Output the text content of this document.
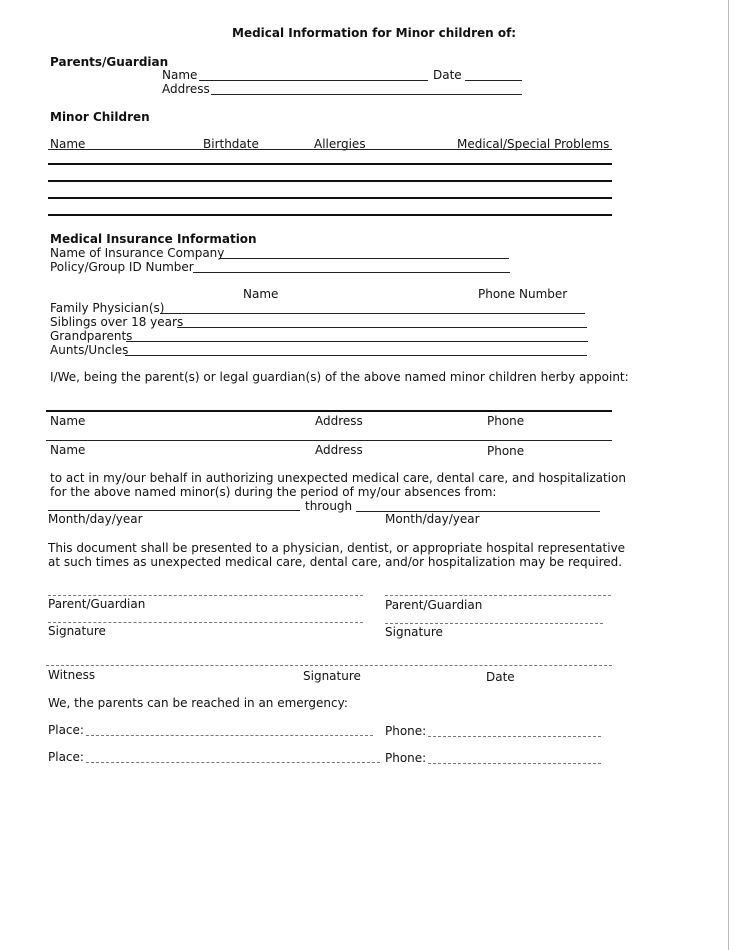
Medical Information for Minor children of:
Parents/Guardian
Name	Date
Address
Minor Children
Name	Birthdate	Allergies	Medical/Special Problems
Medical Insurance Information
Name of Insurance Company
Policy/Group ID Number
Name	Phone Number
Family Physician(s)
Siblings over 18 years
Grandparents
Aunts/Uncles
I/We, being the parent(s) or legal guardian(s) of the above named minor children herby appoint:
Name	Address	Phone
Name	Address	Phone
to act in my/our behalf in authorizing unexpected medical care, dental care, and hospitalization
for the above named minor(s) during the period of my/our absences from:
through
Month/day/year	Month/day/year
This document shall be presented to a physician, dentist, or appropriate hospital representative
at such times as unexpected medical care, dental care, and/or hospitalization may be required.
Parent/Guardian	Parent/Guardian
Signature	Signature
Witness	Signature	Date
We, the parents can be reached in an emergency:
Place:	Phone:
Place:	Phone:
